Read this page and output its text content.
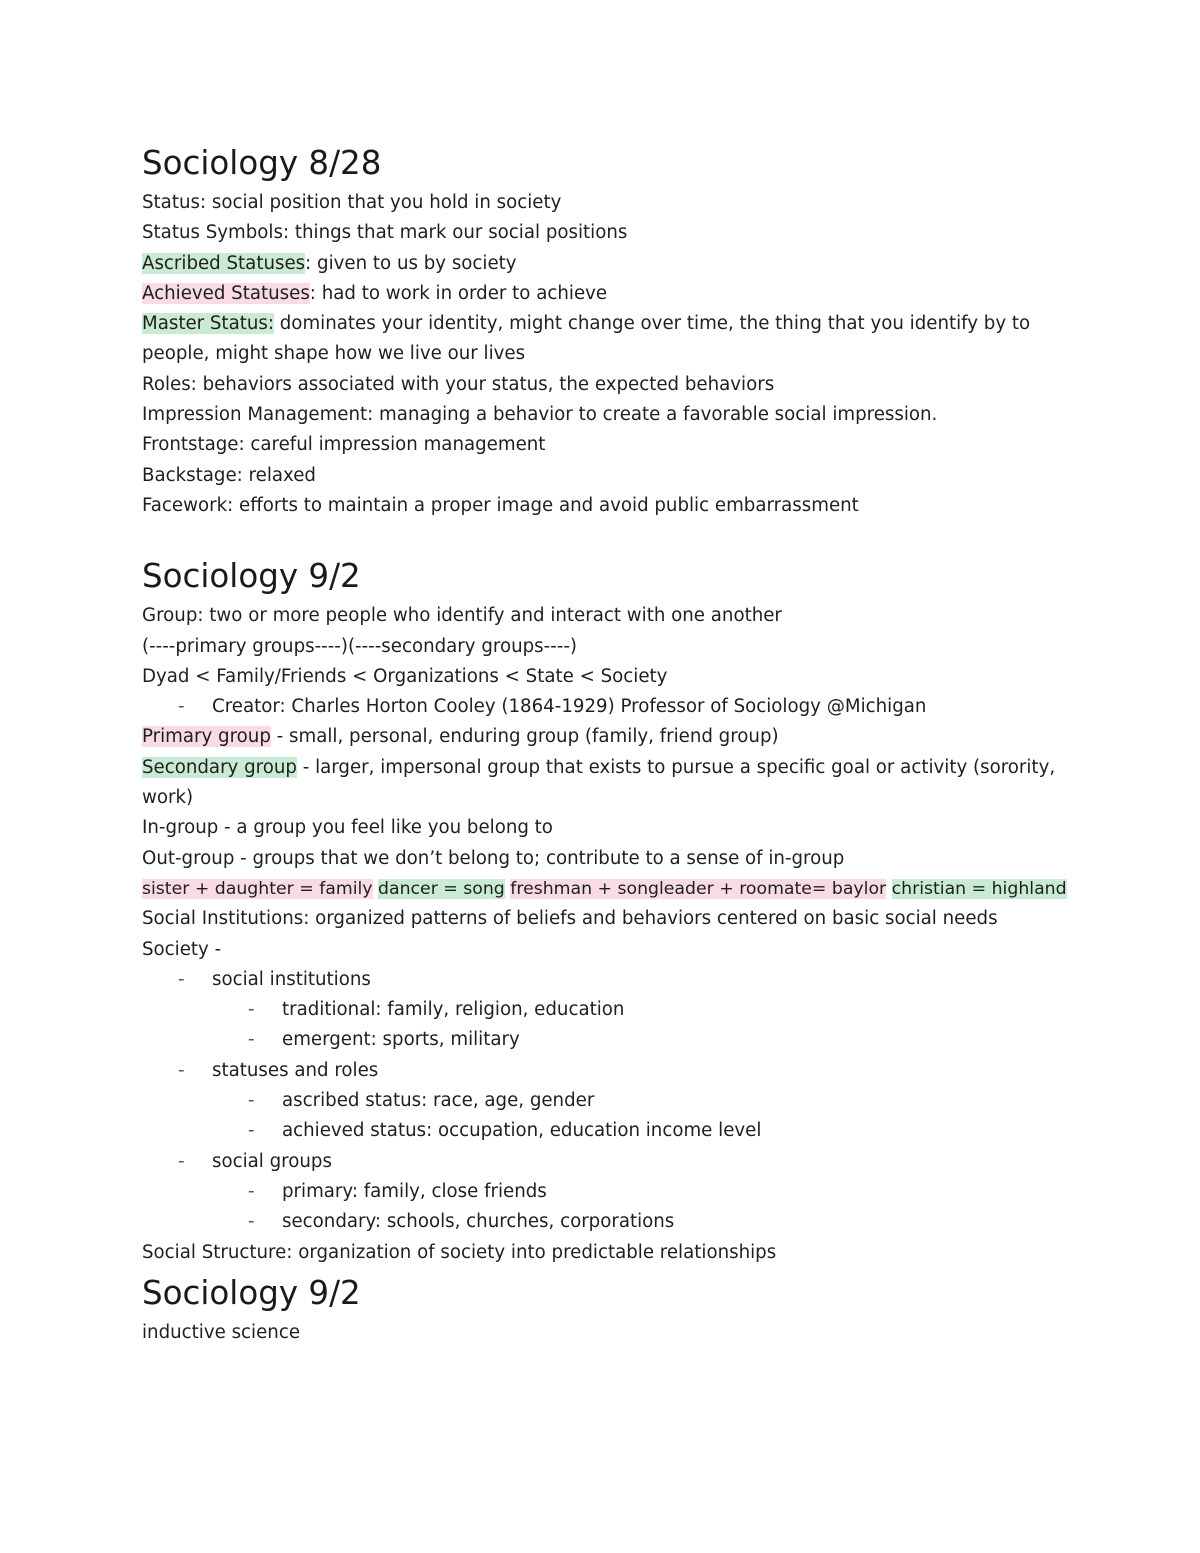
Sociology 8/28
Status: social position that you hold in society
Status Symbols: things that mark our social positions
Ascribed Statuses: given to us by society
Achieved Statuses: had to work in order to achieve
Master Status: dominates your identity, might change over time, the thing that you identify by to people, might shape how we live our lives
Roles: behaviors associated with your status, the expected behaviors
Impression Management: managing a behavior to create a favorable social impression.
Frontstage: careful impression management
Backstage: relaxed
Facework: efforts to maintain a proper image and avoid public embarrassment
Sociology 9/2
Group: two or more people who identify and interact with one another
(----primary groups----)(----secondary groups----)
Dyad < Family/Friends < Organizations < State < Society
- Creator: Charles Horton Cooley (1864-1929) Professor of Sociology @Michigan
Primary group - small, personal, enduring group (family, friend group)
Secondary group - larger, impersonal group that exists to pursue a specific goal or activity (sorority, work)
In-group - a group you feel like you belong to
Out-group - groups that we don’t belong to; contribute to a sense of in-group
sister + daughter = family dancer = song freshman + songleader + roomate= baylor christian = highland
Social Institutions: organized patterns of beliefs and behaviors centered on basic social needs
Society -
- social institutions
- traditional: family, religion, education
- emergent: sports, military
- statuses and roles
- ascribed status: race, age, gender
- achieved status: occupation, education income level
- social groups
- primary: family, close friends
- secondary: schools, churches, corporations
Social Structure: organization of society into predictable relationships
Sociology 9/2
inductive science
